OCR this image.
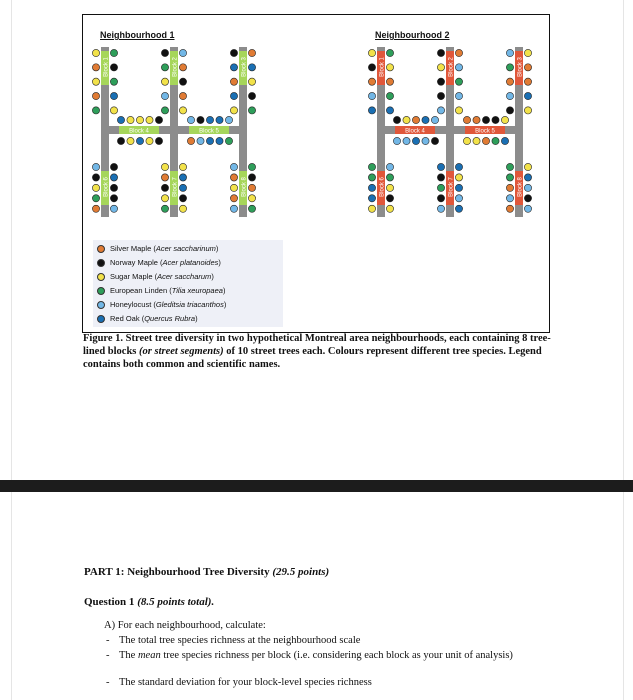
Block 1	Block 2	Block 3
Block 6	Block 7	Block 8
Block 4	Block 5
Block 1	Block 2	Block 3
Block 6	Block 7	Block 8
Block 4	Block 5
Neighbourhood 1	Neighbourhood 2
Silver Maple ( Acer saccharinum )
Norway Maple ( Acer platanoides )
Sugar Maple ( Acer saccharum )
European Linden ( Tilia xeuropaea )
Honeylocust ( Gleditsia triacanthos )
Red Oak ( Quercus Rubra )
Figure 1. Street tree diversity in two hypothetical Montreal area neighbourhoods, each containing 8 tree-lined blocks (or street segments) of 10 street trees each. Colours represent different tree species. Legend contains both common and scientific names.
PART 1: Neighbourhood Tree Diversity (29.5 points)
Question 1 (8.5 points total).
A) For each neighbourhood, calculate:
- The total tree species richness at the neighbourhood scale
- The mean tree species richness per block (i.e. considering each block as your unit of analysis)
- The standard deviation for your block-level species richness
